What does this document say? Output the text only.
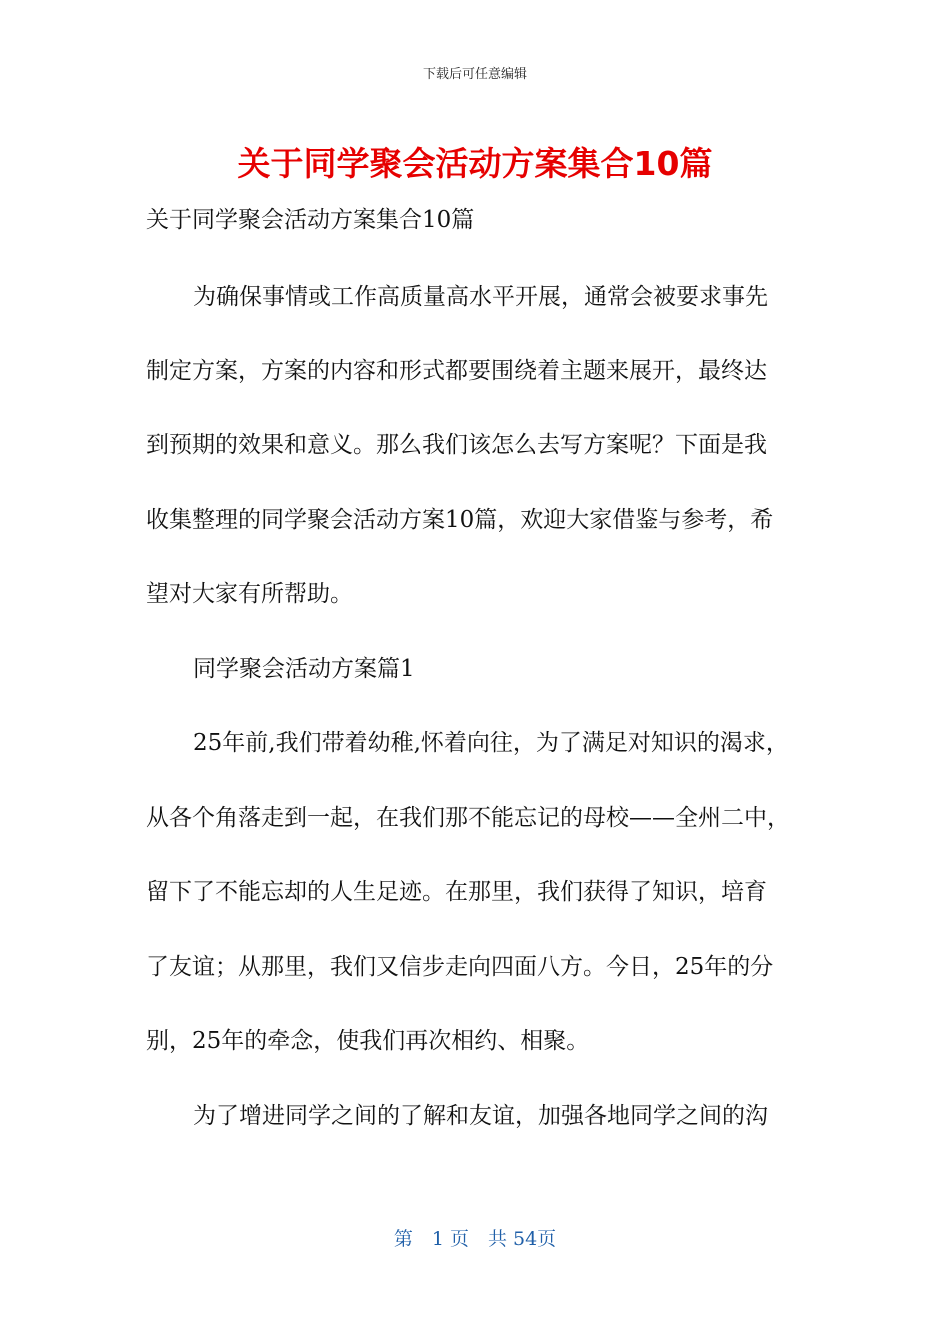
下载后可任意编辑
关于同学聚会活动方案集合10篇
关于同学聚会活动方案集合10篇
为确保事情或工作高质量高水平开展，通常会被要求事先
制定方案，方案的内容和形式都要围绕着主题来展开，最终达
到预期的效果和意义。那么我们该怎么去写方案呢？下面是我
收集整理的同学聚会活动方案10篇，欢迎大家借鉴与参考，希
望对大家有所帮助。
同学聚会活动方案篇1
25年前,我们带着幼稚,怀着向往，为了满足对知识的渴求，
从各个角落走到一起，在我们那不能忘记的母校——全州二中，
留下了不能忘却的人生足迹。在那里，我们获得了知识，培育
了友谊；从那里，我们又信步走向四面八方。今日，25年的分
别，25年的牵念，使我们再次相约、相聚。
为了增进同学之间的了解和友谊，加强各地同学之间的沟
第　1 页　共 54页
